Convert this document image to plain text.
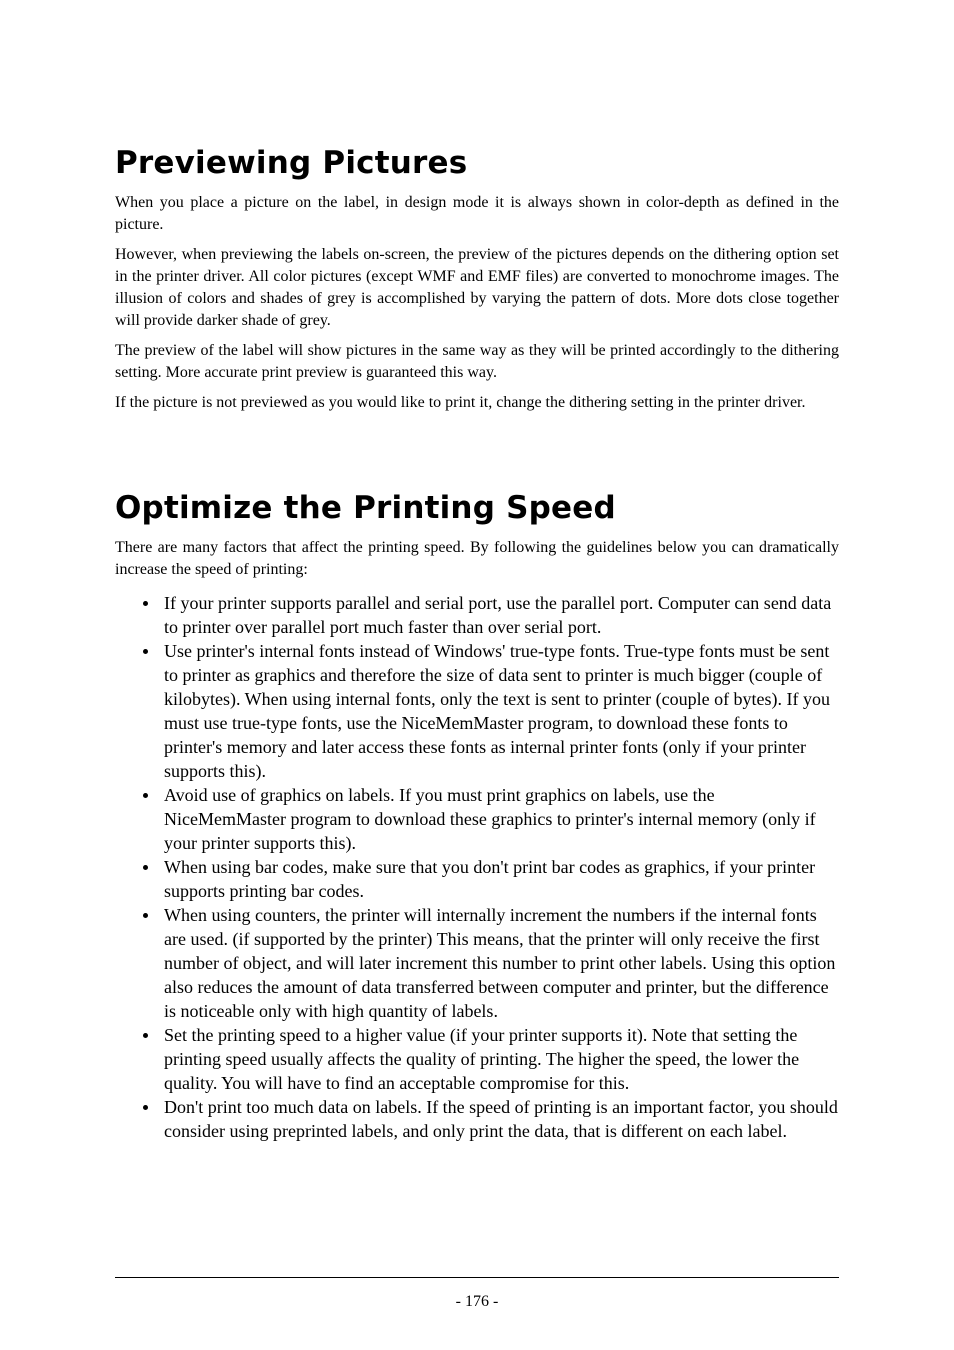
Previewing Pictures

When you place a picture on the label, in design mode it is always shown in color-depth as defined in the picture.

However, when previewing the labels on-screen, the preview of the pictures depends on the dithering option set in the printer driver. All color pictures (except WMF and EMF files) are converted to monochrome images. The illusion of colors and shades of grey is accomplished by varying the pattern of dots. More dots close together will provide darker shade of grey.

The preview of the label will show pictures in the same way as they will be printed accordingly to the dithering setting. More accurate print preview is guaranteed this way.

If the picture is not previewed as you would like to print it, change the dithering setting in the printer driver.

Optimize the Printing Speed

There are many factors that affect the printing speed. By following the guidelines below you can dramatically increase the speed of printing:

If your printer supports parallel and serial port, use the parallel port. Computer can send data to printer over parallel port much faster than over serial port.
Use printer's internal fonts instead of Windows' true-type fonts. True-type fonts must be sent to printer as graphics and therefore the size of data sent to printer is much bigger (couple of kilobytes). When using internal fonts, only the text is sent to printer (couple of bytes). If you must use true-type fonts, use the NiceMemMaster program, to download these fonts to printer's memory and later access these fonts as internal printer fonts (only if your printer supports this).
Avoid use of graphics on labels. If you must print graphics on labels, use the NiceMemMaster program to download these graphics to printer's internal memory (only if your printer supports this).
When using bar codes, make sure that you don't print bar codes as graphics, if your printer supports printing bar codes.
When using counters, the printer will internally increment the numbers if the internal fonts are used. (if supported by the printer) This means, that the printer will only receive the first number of object, and will later increment this number to print other labels. Using this option also reduces the amount of data transferred between computer and printer, but the difference is noticeable only with high quantity of labels.
Set the printing speed to a higher value (if your printer supports it). Note that setting the printing speed usually affects the quality of printing. The higher the speed, the lower the quality. You will have to find an acceptable compromise for this.
Don't print too much data on labels. If the speed of printing is an important factor, you should consider using preprinted labels, and only print the data, that is different on each label.
- 176 -
